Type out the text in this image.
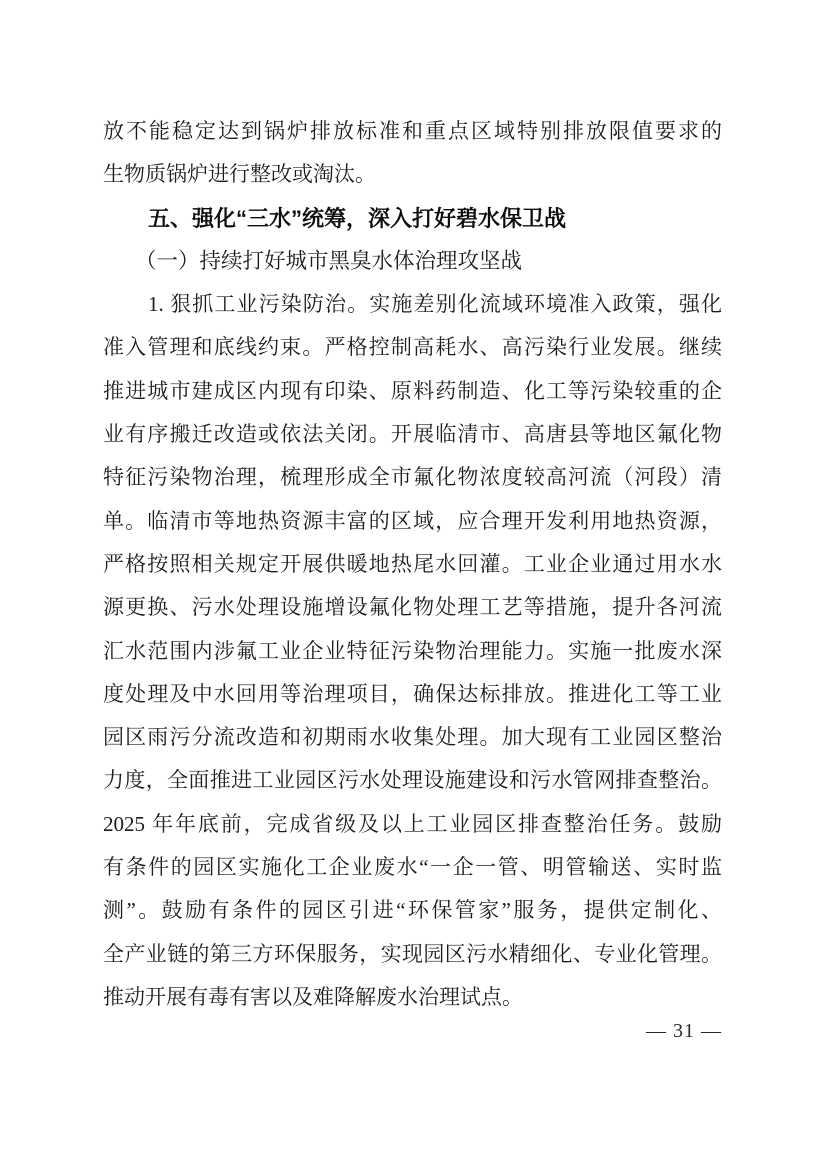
放不能稳定达到锅炉排放标准和重点区域特别排放限值要求的
生物质锅炉进行整改或淘汰。
五、强化“三水”统筹，深入打好碧水保卫战
（一）持续打好城市黑臭水体治理攻坚战
1. 狠抓工业污染防治。实施差别化流域环境准入政策，强化
准入管理和底线约束。严格控制高耗水、高污染行业发展。继续
推进城市建成区内现有印染、原料药制造、化工等污染较重的企
业有序搬迁改造或依法关闭。开展临清市、高唐县等地区氟化物
特征污染物治理，梳理形成全市氟化物浓度较高河流（河段）清
单。临清市等地热资源丰富的区域，应合理开发利用地热资源，
严格按照相关规定开展供暖地热尾水回灌。工业企业通过用水水
源更换、污水处理设施增设氟化物处理工艺等措施，提升各河流
汇水范围内涉氟工业企业特征污染物治理能力。实施一批废水深
度处理及中水回用等治理项目，确保达标排放。推进化工等工业
园区雨污分流改造和初期雨水收集处理。加大现有工业园区整治
力度，全面推进工业园区污水处理设施建设和污水管网排查整治。
2025 年年底前，完成省级及以上工业园区排查整治任务。鼓励
有条件的园区实施化工企业废水“一企一管、明管输送、实时监
测”。鼓励有条件的园区引进“环保管家”服务，提供定制化、
全产业链的第三方环保服务，实现园区污水精细化、专业化管理。
推动开展有毒有害以及难降解废水治理试点。
— 31 —
